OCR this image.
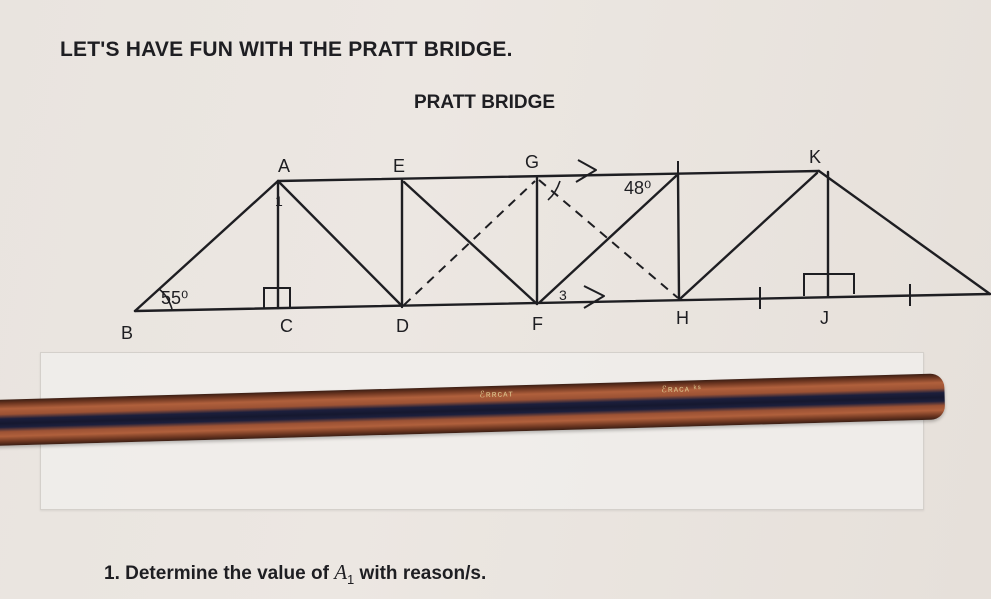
LET'S HAVE FUN WITH THE PRATT BRIDGE.
PRATT BRIDGE
A
B	C	D
E
F
G
H	J
K
55⁰
48⁰
1
3
ℰʀʀᴄᴀᴛ	ℰʀᴀᴄᴀ ᵏˢ
1. Determine the value of $A_1$ with reason/s.
